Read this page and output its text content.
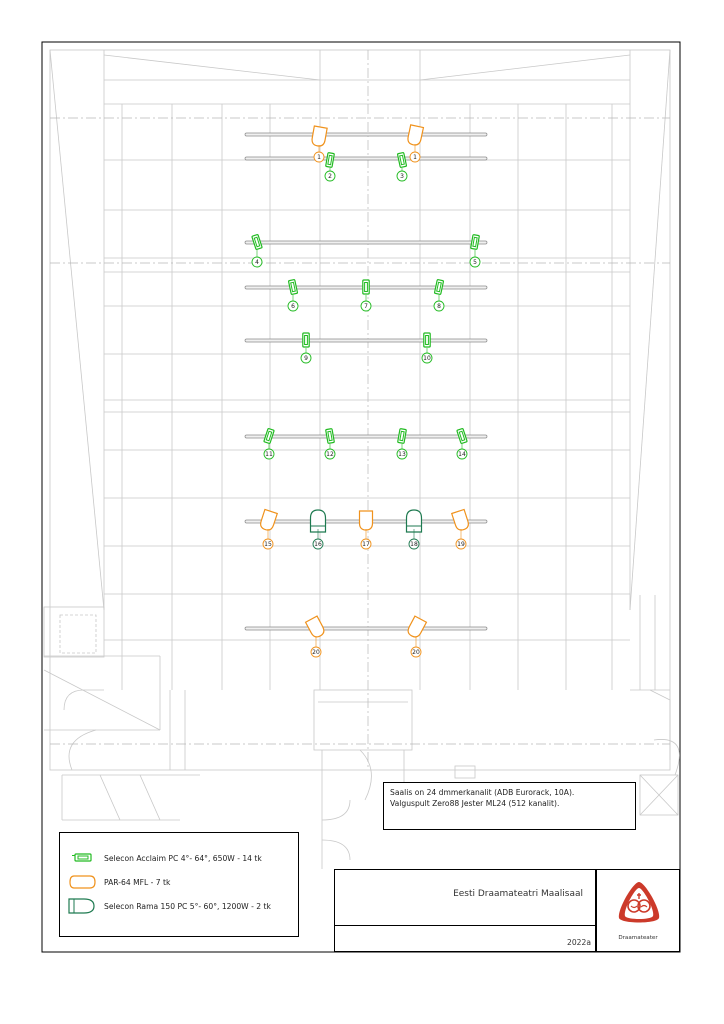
1	1
2	3
4	5
6	7	8
9	10
11	12	13	14
15	16	17	18	19
20	20
Saalis on 24 dmmerkanalit (ADB Eurorack, 10A).
Valguspult Zero88 Jester ML24 (512 kanalit).
Selecon Acclaim PC 4°- 64°, 650W - 14 tk
PAR-64 MFL - 7 tk
Selecon Rama 150 PC 5°- 60°, 1200W - 2 tk
Eesti Draamateatri Maalisaal
2022a	Draamateater
